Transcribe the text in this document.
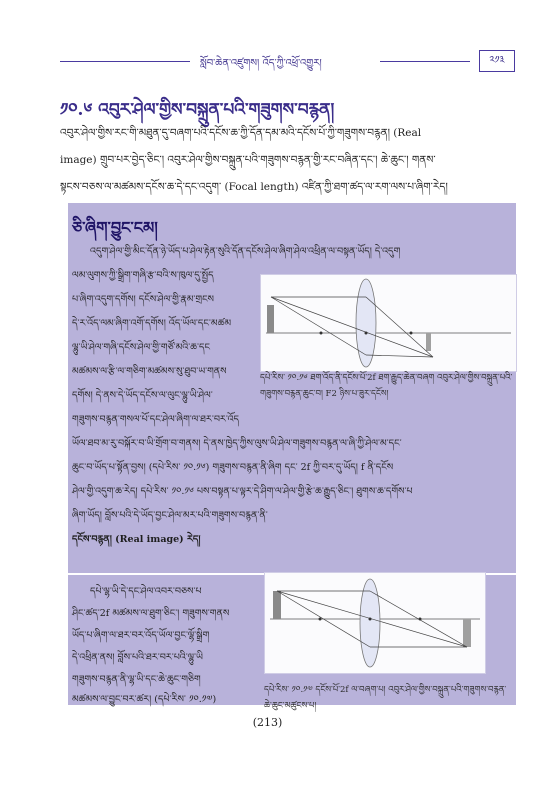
སློབ་ཆེན་འཛུགས། འོད་ཀྱི་འཕྲོ་འགྱུར།	༢༡༣
༡༠.༦ འབུར་ཤེལ་གྱིས་བསྐྲུན་པའི་གཟུགས་བརྙན།

འབུར་ཤེལ་གྱིས་རང་གི་མཐུན་དུ་བཞག་པའི་དངོས་ཆ་ཀྱི་དོན་དམ་མའི་དངོས་པོ་ཀྱི་གཟུགས་བརྙན། (Real

image) གྲུབ་པར་བྱེད་ཅིང་། འབུར་ཤེལ་གྱིས་བསྐྲུན་པའི་གཟུགས་བརྙན་གྱི་རང་བཞིན་དང་། ཆེ་ཆུང་། གནས་

སྟངས་བཅས་ལ་མཚམས་དངོས་ཆ་དེ་དང་འདུག་ (Focal length) འཛིན་ཀྱི་ཐག་ཚད་ལ་རག་ལས་པ་ཞིག་རེད།

ཅི་ཞིག་བྱུང་ངམ།
འདུག་ཤེལ་གྱི་མིང་དོན་ཉེ་ཡོད་པ་ཤེལ་རྟེན་སུའི་དོན་དངོས་ཤེལ་ཞིག་ཤེལ་འཕྲིན་ལ་བསྟན་ཡོད། དེ་འདུག
ལམ་ལུགས་ཀྱི་སྒྲིག་གཞི་རྩ་བའི་ས་ཁུལ་དུ་སྤྱོད
པ་ཞིག་འདུག་དགོས། དངོས་ཤེལ་གྱི་རྣམ་གྲངས
དེ་ར་འོད་ལམ་ཞིག་འགོ་དགོས། འོད་ཡོལ་དང་མཚམ
ལྷུ་ཡི་ཤེལ་གཞི་དངོས་ཤེལ་གྱི་གཙོ་མའི་ཆ་དང
མཚམས་ལ་རྩི་ལ་གཅིག་མཚམས་སུ་ཐུབ་ཡ་གནས
དགོས། དེ་ནས་དེ་ཡོད་དངོས་ལ་ལུང་ལྷུ་ཡི་ཤེལ་
གཟུགས་བརྙན་གསལ་པོ་དང་ཤེལ་ཞིག་ལ་ཐར་བར་འོད
ཡོལ་ཐབ་མ་རུ་བསྐོར་བ་ཡི་གྲོག་བ་གནས། དེ་ནས་ཁྱེད་ཀྱིས་ལུས་ཡི་ཤེལ་གཟུགས་བརྙན་ལ་ཞི་ཀྱི་ཤེལ་མ་དང་
ཆུང་བ་ཡོད་པ་སྟོན་བྱས། (དཔེ་རིས་ ༡༠.༡༦) གཟུགས་བརྙན་ནི་ཞིག དང་ 2f ཀྱི་བར་དུ་ཡོད། f ནི་དངོས
ཤེལ་གྱི་འདུག་ཆ་རེད། དཔེ་རིས་ ༡༠.༡༦ པས་བསྟན་པ་ལྟར་དེ་ཤིག་ལ་ཤེལ་གྱི་རྩེ་ཆ་རྒྱུད་ཅིང་། ཐུགས་ཆ་དགོས་པ
ཞིག་ཡོད། བློས་པའི་དེ་ཡོད་བྱང་ཤེལ་མར་པའི་གཟུགས་བརྙན་ནི་
དངོས་བརྙན། (Real image) རེད།
དཔེ་ལྷ་ཡི་དེ་དང་ཤེལ་འབར་བཅས་པ
ཤིང་ཚད་2f མཚམས་ལ་ཐུག་ཅིང་། གཟུགས་གནས
ཡོད་པ་ཞིག་ལ་ཐར་བར་འོད་ཡོལ་བྱང་ལྷོ་སྒྲིག
དེ་འཕྲིན་ནས། བློས་པའི་ཐར་བར་པའི་ལྷུ་ཡི
གཟུགས་བརྙན་ནི་ལྷ་ཡི་དང་ཆེ་ཆུང་གཅིག
མཚམས་ལ་བྱུང་བར་ཚར། (དཔེ་རིས་ ༡༠.༡༧)
དཔེ་རིས་ ༡༠.༡༦ ཐག་འོད་ནི་དངོས་པོ་2f ཐག་རྒྱུད་ཆེན་བཞག འབུར་ཤེལ་གྱིས་བསྐྲུན་པའི་གཟུགས་བརྙན་ཆུང་བ། F2 ཉིས་པ་ཟུར་དངོས།
དཔེ་རིས་ ༡༠.༡༧ དངོས་པོ་2f ལ་བཞག་པ། འབུར་ཤེལ་གྱིས་བསྐྲུན་པའི་གཟུགས་བརྙན་ཆེ་ཆུང་མཚུངས་པ།
(213)
